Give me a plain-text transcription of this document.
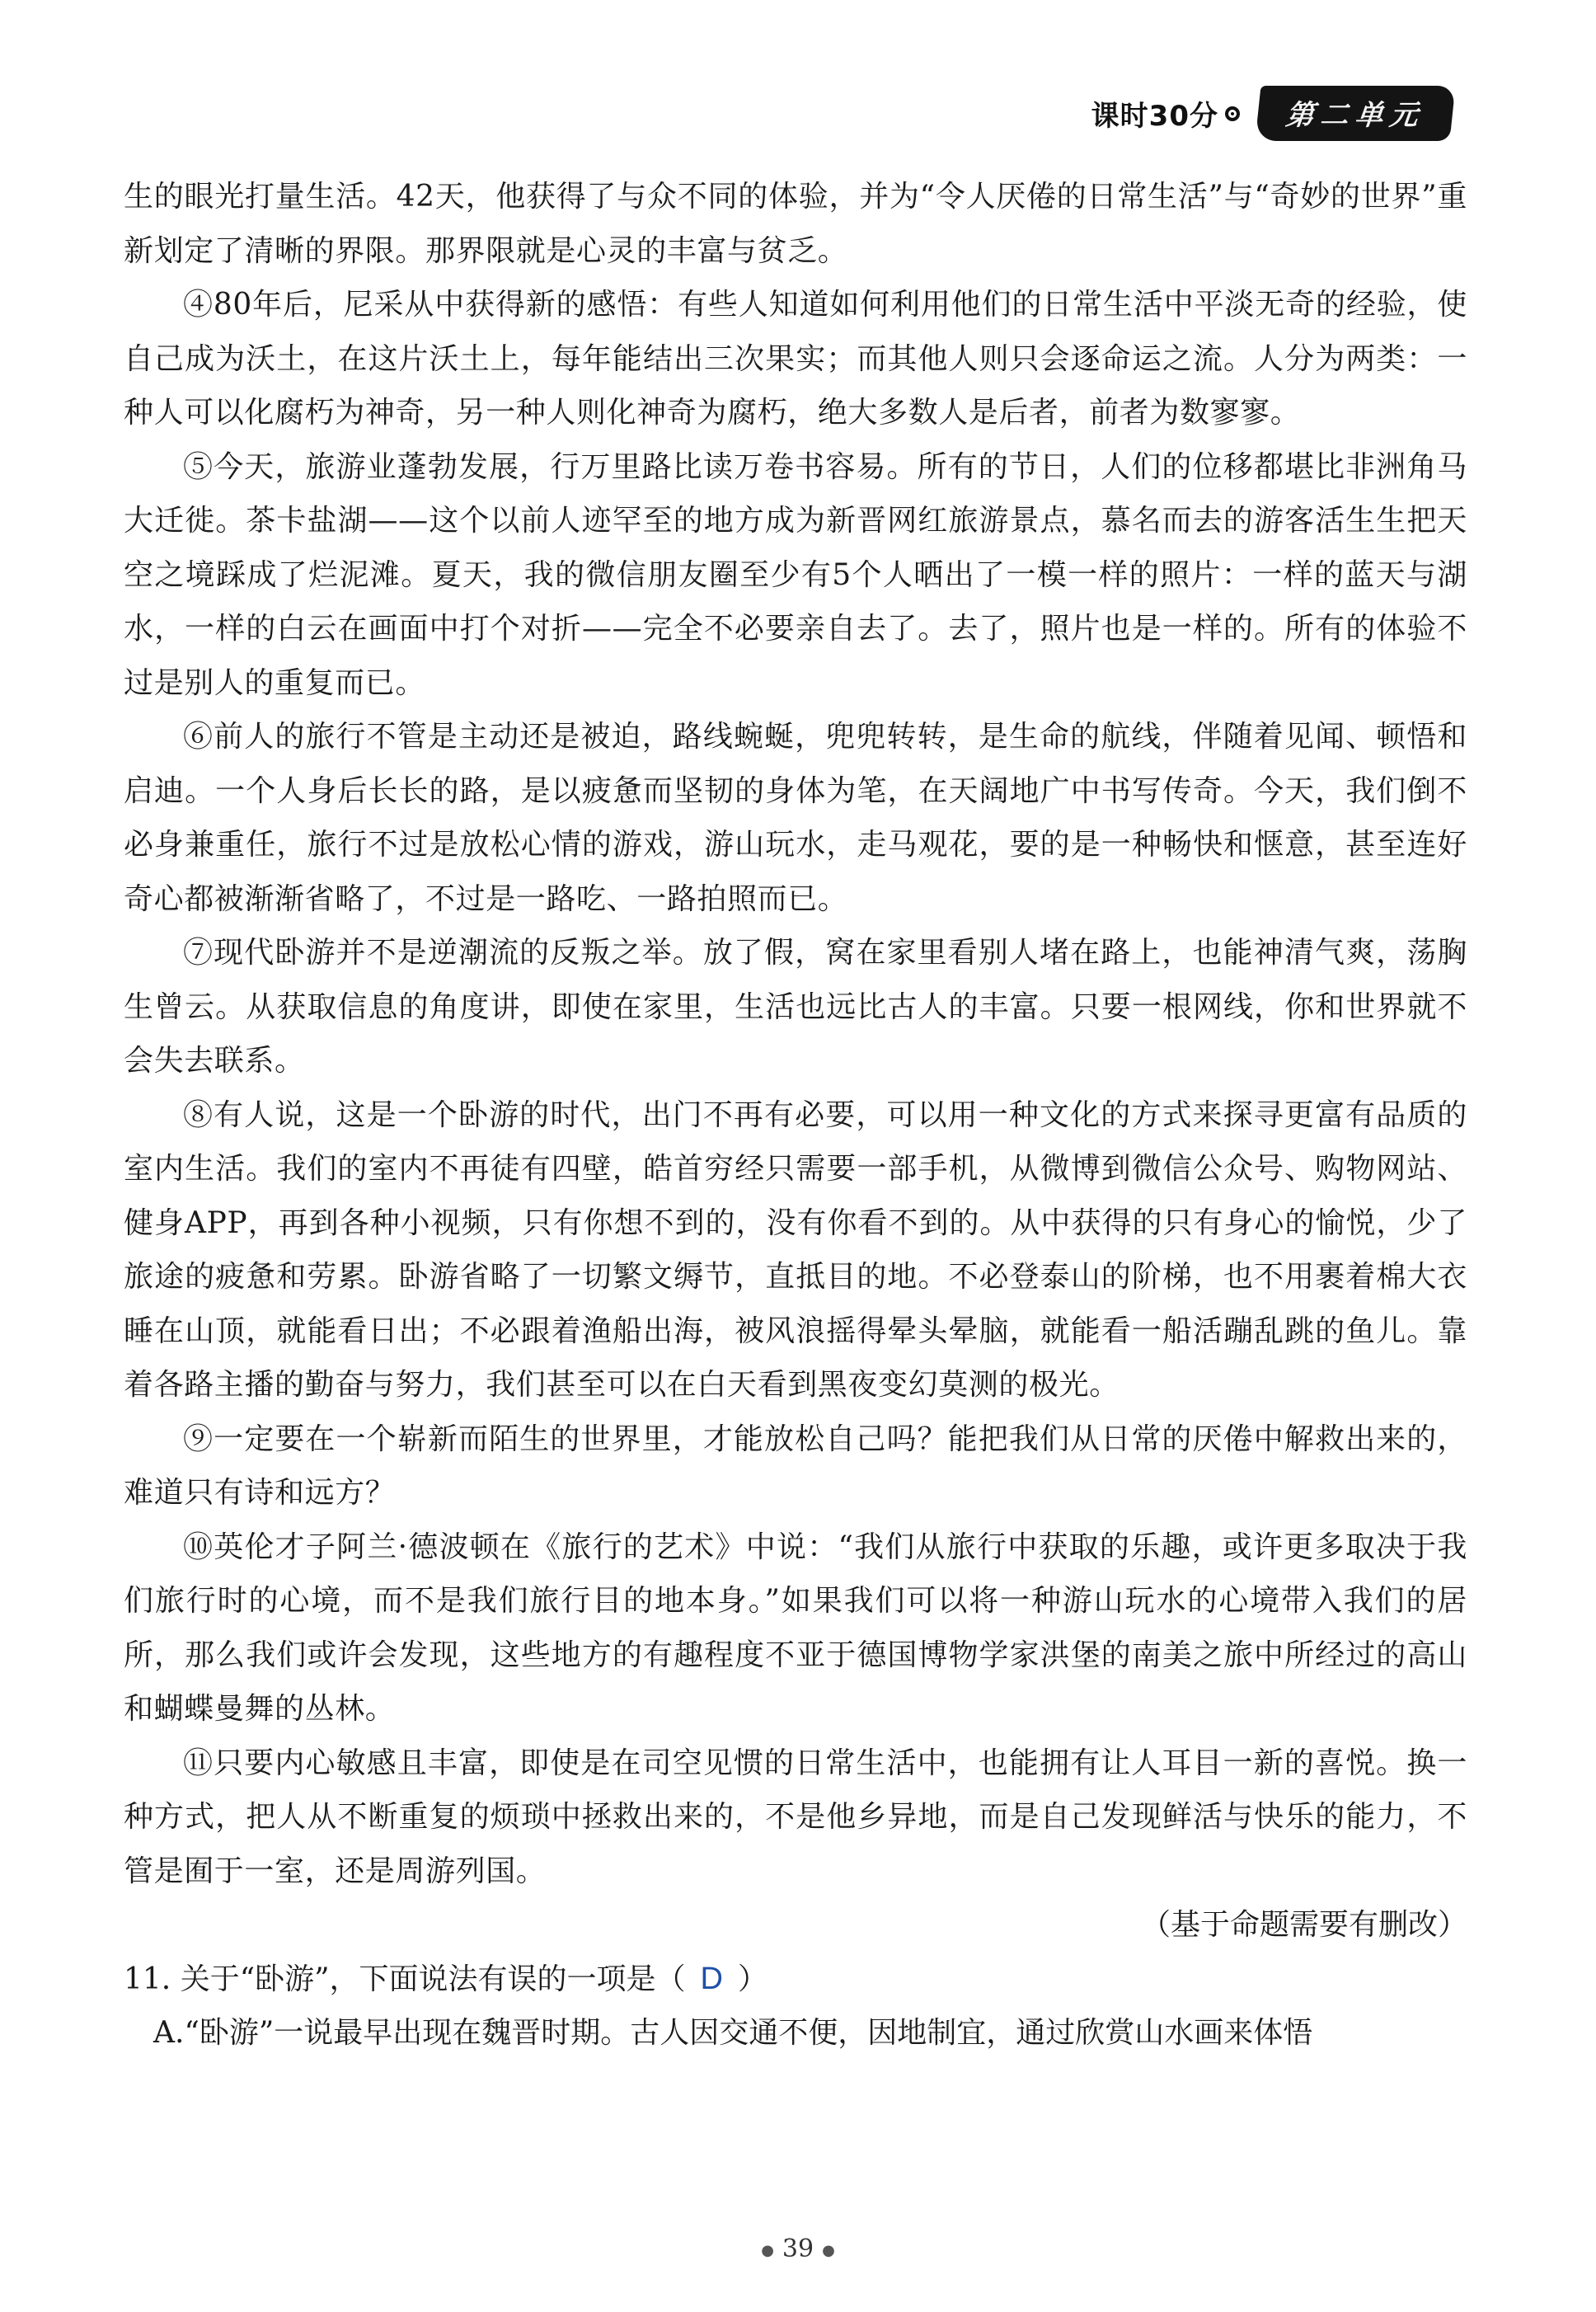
课时30分	第二单元

生的眼光打量生活。42天，他获得了与众不同的体验，并为“令人厌倦的日常生活”与“奇妙的世界”重新划定了清晰的界限。那界限就是心灵的丰富与贫乏。

④80年后，尼采从中获得新的感悟：有些人知道如何利用他们的日常生活中平淡无奇的经验，使自己成为沃土，在这片沃土上，每年能结出三次果实；而其他人则只会逐命运之流。人分为两类：一种人可以化腐朽为神奇，另一种人则化神奇为腐朽，绝大多数人是后者，前者为数寥寥。

⑤今天，旅游业蓬勃发展，行万里路比读万卷书容易。所有的节日，人们的位移都堪比非洲角马大迁徙。茶卡盐湖——这个以前人迹罕至的地方成为新晋网红旅游景点，慕名而去的游客活生生把天空之境踩成了烂泥滩。夏天，我的微信朋友圈至少有5个人晒出了一模一样的照片：一样的蓝天与湖水，一样的白云在画面中打个对折——完全不必要亲自去了。去了，照片也是一样的。所有的体验不过是别人的重复而已。

⑥前人的旅行不管是主动还是被迫，路线蜿蜒，兜兜转转，是生命的航线，伴随着见闻、顿悟和启迪。一个人身后长长的路，是以疲惫而坚韧的身体为笔，在天阔地广中书写传奇。今天，我们倒不必身兼重任，旅行不过是放松心情的游戏，游山玩水，走马观花，要的是一种畅快和惬意，甚至连好奇心都被渐渐省略了，不过是一路吃、一路拍照而已。

⑦现代卧游并不是逆潮流的反叛之举。放了假，窝在家里看别人堵在路上，也能神清气爽，荡胸生曾云。从获取信息的角度讲，即使在家里，生活也远比古人的丰富。只要一根网线，你和世界就不会失去联系。

⑧有人说，这是一个卧游的时代，出门不再有必要，可以用一种文化的方式来探寻更富有品质的室内生活。我们的室内不再徒有四壁，皓首穷经只需要一部手机，从微博到微信公众号、购物网站、健身APP，再到各种小视频，只有你想不到的，没有你看不到的。从中获得的只有身心的愉悦，少了旅途的疲惫和劳累。卧游省略了一切繁文缛节，直抵目的地。不必登泰山的阶梯，也不用裹着棉大衣睡在山顶，就能看日出；不必跟着渔船出海，被风浪摇得晕头晕脑，就能看一船活蹦乱跳的鱼儿。靠着各路主播的勤奋与努力，我们甚至可以在白天看到黑夜变幻莫测的极光。

⑨一定要在一个崭新而陌生的世界里，才能放松自己吗？能把我们从日常的厌倦中解救出来的，难道只有诗和远方？

⑩英伦才子阿兰·德波顿在《旅行的艺术》中说：“我们从旅行中获取的乐趣，或许更多取决于我们旅行时的心境，而不是我们旅行目的地本身。”如果我们可以将一种游山玩水的心境带入我们的居所，那么我们或许会发现，这些地方的有趣程度不亚于德国博物学家洪堡的南美之旅中所经过的高山和蝴蝶曼舞的丛林。

⑪只要内心敏感且丰富，即使是在司空见惯的日常生活中，也能拥有让人耳目一新的喜悦。换一种方式，把人从不断重复的烦琐中拯救出来的，不是他乡异地，而是自己发现鲜活与快乐的能力，不管是囿于一室，还是周游列国。

（基于命题需要有删改）

11. 关于“卧游”，下面说法有误的一项是（ D ）

A.“卧游”一说最早出现在魏晋时期。古人因交通不便，因地制宜，通过欣赏山水画来体悟

● 39 ●
